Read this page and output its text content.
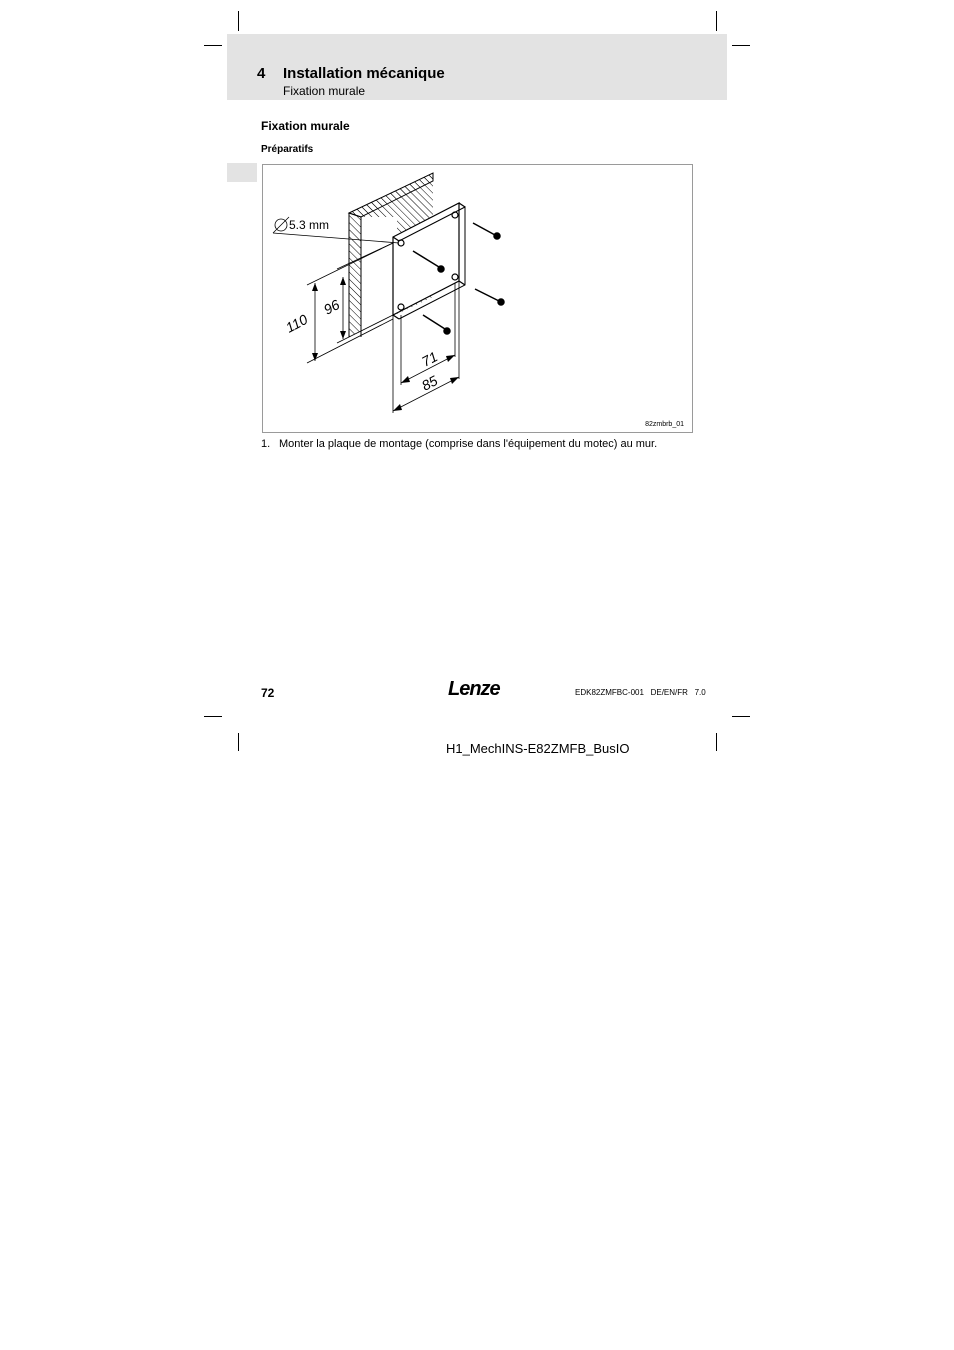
4 Installation mécanique
Fixation murale
Fixation murale
Préparatifs
5.3 mm
110
96
71
85
82zmbrb_01
1. Monter la plaque de montage (comprise dans l'équipement du motec) au mur.
72	Lenze	EDK82ZMFBC-001   DE/EN/FR   7.0
H1_MechINS-E82ZMFB_BusIO
